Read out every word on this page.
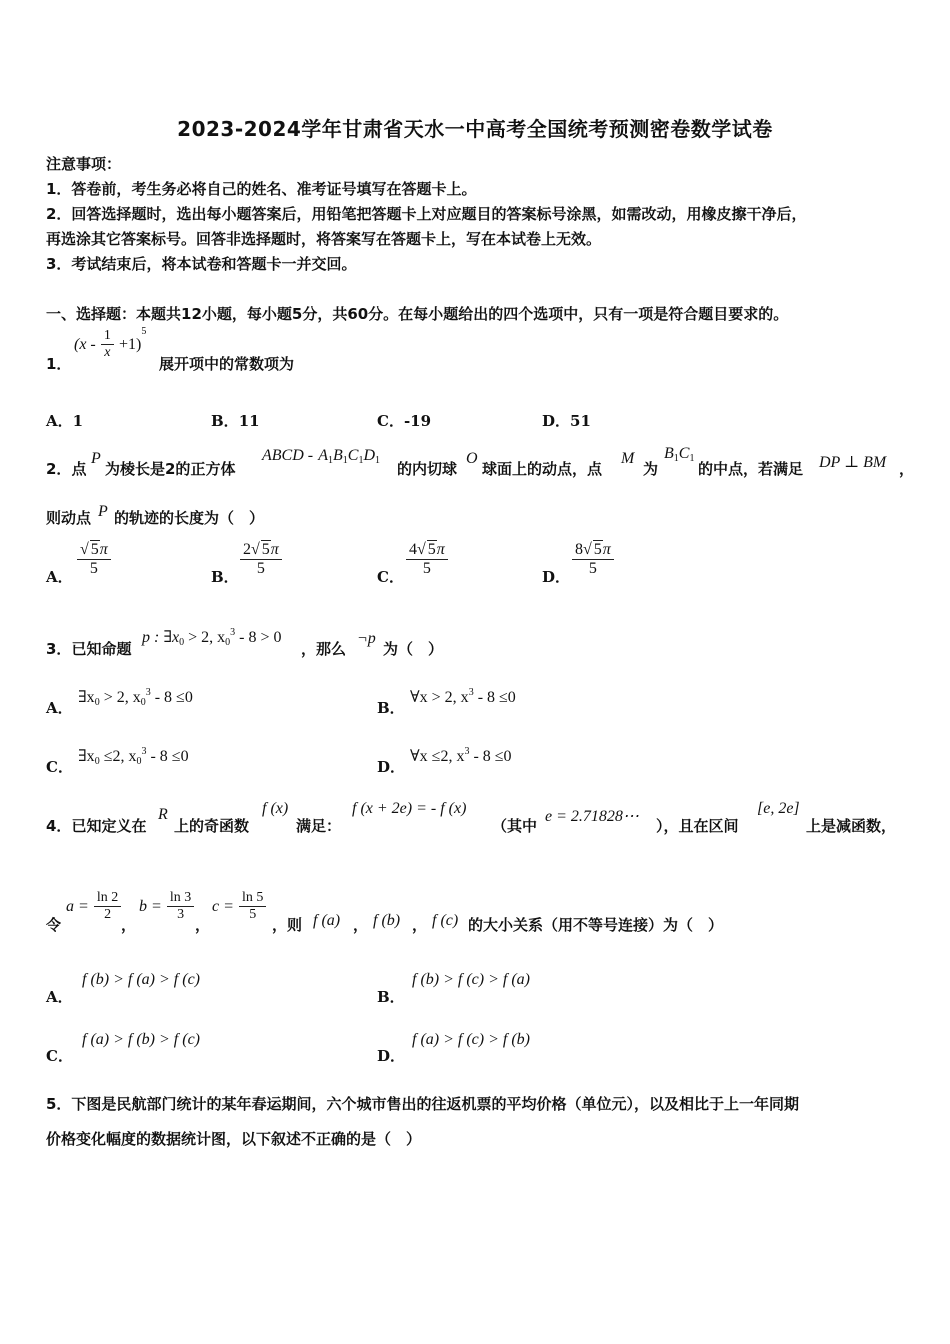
2023-2024学年甘肃省天水一中高考全国统考预测密卷数学试卷
注意事项：
1．答卷前，考生务必将自己的姓名、准考证号填写在答题卡上。
2．回答选择题时，选出每小题答案后，用铅笔把答题卡上对应题目的答案标号涂黑，如需改动，用橡皮擦干净后，
再选涂其它答案标号。回答非选择题时，将答案写在答题卡上，写在本试卷上无效。
3．考试结束后，将本试卷和答题卡一并交回。
一、选择题：本题共12小题，每小题5分，共60分。在每小题给出的四个选项中，只有一项是符合题目要求的。
1．
$(x - \frac{1}{x} +1)^5$
展开项中的常数项为
A．1	B．11	C．-19	D．51
2．点
P
为棱长是2的正方体
ABCD - $A_1B_1C_1D_1$ 的内切球
O
球面上的动点，点
M
为
$B_1C_1$
的中点，若满足 DP ⊥ BM ，
则动点 P 的轨迹的长度为（　）
A． $\frac{√ 5\pi}{5}$	B． $\frac{2√ 5\pi}{5}$	C． $\frac{4√ 5\pi}{5}$	D． $\frac{8√ 5\pi}{5}$
3．已知命题
p : $\exists x_0 > 2$, $x_0^3 - 8 > 0$
，那么
¬p
为（　）
A．
$\exists x_0 > 2$, $x_0^3 - 8 \le 0$
B．
∀x > 2, $x^3 - 8 \le 0$
C．
$\exists x_0 \le 2$, $x_0^3 - 8 \le 0$
D．
∀x ≤2, $x^3 - 8 \le 0$
4．已知定义在
R
上的奇函数
f (x)
满足：
f (x + 2e) = - f (x)
（其中
e = 2.71828⋯
），且在区间
[e, 2e]
上是减函数，
令
$a = \frac{\ln 2}{2}$
，
$b = \frac{\ln 3}{3}$
，
$c = \frac{\ln 5}{5}$
，则 f (a) ， f (b) ， f (c) 的大小关系（用不等号连接）为（　）
A．
f (b) > f (a) > f (c)
B．
f (b) > f (c) > f (a)
C．
f (a) > f (b) > f (c)
D．
f (a) > f (c) > f (b)
5．下图是民航部门统计的某年春运期间，六个城市售出的往返机票的平均价格（单位元），以及相比于上一年同期
价格变化幅度的数据统计图，以下叙述不正确的是（　）
